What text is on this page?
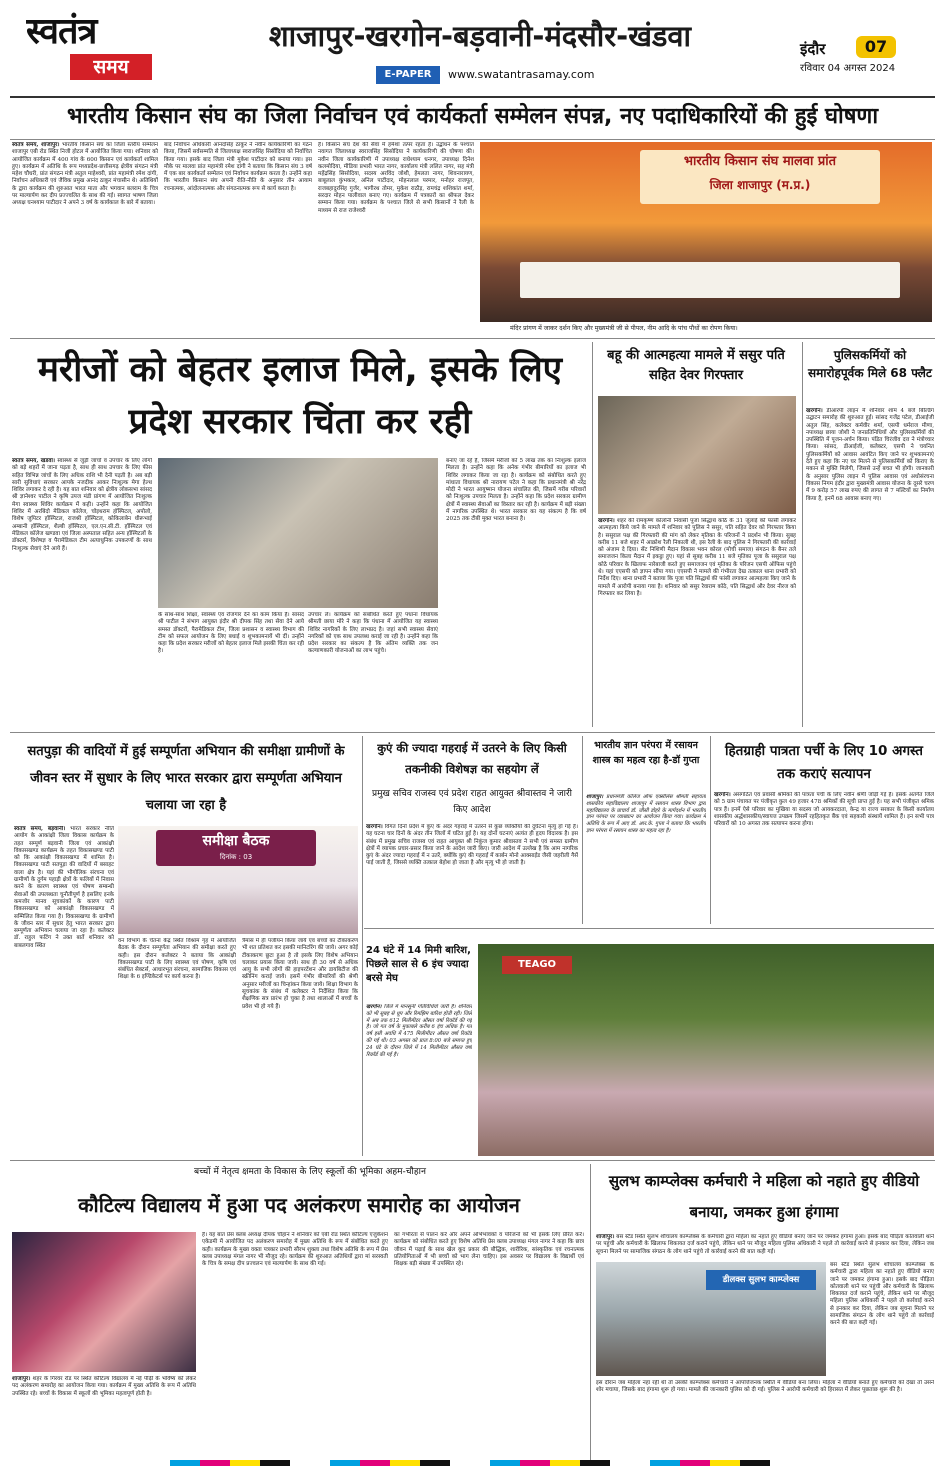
स्वतंत्र
समय
शाजापुर-खरगोन-बड़वानी-मंदसौर-खंडवा
E-PAPER	www.swatantrasamay.com
इंदौर	07
रविवार 04 अगस्त 2024
भारतीय किसान संघ का जिला निर्वाचन एवं कार्यकर्ता सम्मेलन संपन्न, नए पदाधिकारियों की हुई घोषणा
स्वतंत्र समय, शाजापुर। भारतीय किसान संघ का जिला स्तरीय सम्मेलन शाजापुर एबी रोड स्थित निजी होटल में आयोजित किया गया। शनिवार को आयोजित कार्यक्रम में 400 गांव के 600 किसान एवं कार्यकर्ता शामिल हुए। कार्यक्रम में अतिथि के रूप मध्यप्रदेश-छत्तीसगढ़ क्षेत्रीय संगठन मंत्री महेश चौधरी, प्रांत संगठन मंत्री अतुल माहेश्वरी, प्रांत महामंत्री रमेश दांगी, निर्वाचन अधिकारी एवं जैविक प्रमुख आनंद ठाकुर मंचासीन थे। अतिथियों के द्वारा कार्यक्रम की शुरुआत भारत माता और भगवान बलराम के चित्र पर माल्यार्पण कर दीप प्रज्ज्वलित के साथ की गई। स्वागत भाषण जिला अध्यक्ष घनश्याम पाटीदार ने अपने 3 वर्ष के कार्यकाल के बारे में बताया।
बाद निर्वाचन अधिकारी आनंदसिंह ठाकुर ने नवीन कार्यकारिणी का गठन किया, जिसमें सर्वसम्मति से जिलाध्यक्ष स्वराजसिंह सिसोदिया को निर्वाचित किया गया। इसके बाद जिला मंत्री मुकेश पाटीदार को बनाया गया। इस मौके पर मालवा प्रांत महामंत्री रमेश दांगी ने बताया कि किसान संघ 3 वर्ष में एक बार कार्यकर्ता सम्मेलन एवं निर्वाचन कार्यक्रम करता है। उन्होंने कहा कि भारतीय किसान संघ अपनी रीति-नीति के अनुसार तीन आयाम रचनात्मक, आंदोलनात्मक और संगठनात्मक रूप से कार्य करता है।
है। किसान संघ देश की सेवा में हमेशा तत्पर रहता है। उद्बोधन के पश्चात नवागत जिलाध्यक्ष स्वराजसिंह सिसोदिया ने कार्यकारिणी की घोषणा की। नवीन जिला कार्यकारिणी में उपाध्यक्ष राधेश्याम धनगर, उपाध्यक्ष दिनेश कलमोदिया, मीडिया प्रभारी भारत नागर, कार्यालय मंत्री ललित नागर, सह मंत्री महेंद्रसिंह सिसोदिया, सदस्य अरविंद जोशी, हेमलता नागर, शिवनारायण, बाबूलाल कुंभकार, अनिल पाटीदार, मोहनलाल परमार, मनोहर राजपूत, राजबहादुरसिंह गुर्जर, भागीरथ तोमर, मुकेश राठौड़, रामचंद्र शशिकांत शर्मा, सरदार मोहन पालीवाल बनाए गए। कार्यक्रम में पत्रकारों का श्रीफल देकर सम्मान किया गया। कार्यक्रम के पश्चात जिले से सभी किसानों ने रैली के माध्यम से राज राजेश्वरी
भारतीय किसान संघ मालवा प्रांत
जिला शाजापुर (म.प्र.)
मंदिर प्रांगण में जाकर दर्शन किए और मुख्यमंत्री जी से पीपल, नीम आदि के पांच पौधों का रोपण किया।
मरीजों को बेहतर इलाज मिले, इसके लिए प्रदेश सरकार चिंता कर रही
स्वतंत्र समय, खंडवा। स्वास्थ्य से जुड़ी जांचों व उपचार के लिए लोगों को बड़े शहरों में जाना पड़ता है, साथ ही साथ उपचार के लिए फीस सहित विभिन्न जांचों के लिए अधिक राशि भी देनी पड़ती है। अब बड़ी सारी सुविधाएं सरकार आपके नजदीक आकर निःशुल्क मेगा हेल्थ शिविर लगाकर दे रही है। यह बात शनिवार को क्षेत्रीय लोकसभा सांसद श्री ज्ञानेश्वर पाटील ने कृषि उपज मंडी प्रांगण में आयोजित निःशुल्क मेगा स्वास्थ्य शिविर कार्यक्रम में कही। उन्होंने कहा कि आयोजित शिविर में अरबिंदो मेडिकल कॉलेज, चोइथराम हॉस्पिटल, अपोलो, विशेष जुपिटर हॉस्पिटल, राजश्री हॉस्पिटल, कोकिलाबेन धीरूभाई अम्बानी हॉस्पिटल, शैल्बी हॉस्पिटल, एल.एन.सी.टी. हॉस्पिटल एवं मेडिकल कॉलेज खण्डवा एवं जिला अस्पताल सहित अन्य हॉस्पिटलों के डॉक्टर्स, विशेषज्ञ व पैरामेडिकल टीम अत्याधुनिक उपकरणों के साथ निःशुल्क सेवाएं देने आये हैं।
के साथ-साथ शिक्षा, स्वास्थ्य एवं रोजगार देने का काम किया है। सांसद श्री पाटील ने संभाग आयुक्त इंदौर श्री दीपक सिंह तथा सेवा देने आये समस्त डॉक्टरों, पैरामेडिकल टीम, जिला प्रशासन व स्वास्थ्य विभाग की टीम को सफल आयोजन के लिए बधाई व शुभकामनायें भी दीं। उन्होंने कहा कि प्रदेश सरकार मरीजों को बेहतर इलाज मिले इसकी चिंता कर रही है।
उपचार ले। कार्यक्रम को संबोधित करते हुए पंधाना विधायक श्रीमती छाया मोरे ने कहा कि पंधाना में आयोजित यह स्वास्थ्य शिविर नागरिकों के लिए लाभप्रद है। जहां सभी स्वास्थ्य सेवाएं नगरिकों को एक साथ उपलब्ध कराई जा रही है। उन्होंने कहा कि प्रदेश सरकार का संकल्प है कि अंतिम व्यक्ति तक जन कल्याणकारी योजनाओं का लाभ पहुंचे।
बनाए जा रहे हैं, जिसमें मरीजों को 5 लाख तक का निःशुल्क इलाज मिलता है। उन्होंने कहा कि अनेक गंभीर बीमारियों का इलाज भी शिविर लगाकर किया जा रहा है। कार्यक्रम को संबोधित करते हुए मांधाता विधायक श्री नारायण पटेल ने कहा कि प्रधानमंत्री श्री नरेंद्र मोदी ने भारत आयुष्मान योजना संचालित की, जिसमें गरीब परिवारों को निःशुल्क उपचार मिलता है। उन्होंने कहा कि प्रदेश सरकार ग्रामीण क्षेत्रों में स्वास्थ्य सेवाओं का विस्तार कर रही है। कार्यक्रम में बड़ी संख्या में नागरिक उपस्थित थे। भारत सरकार का यह संकल्प है कि वर्ष 2025 तक टीबी मुक्त भारत बनाना है।
बहू की आत्महत्या मामले में ससुर पति सहित देवर गिरफ्तार
खरगोन। शहर की रामकृष्ण कॉलोनी निवासी पूजा सिद्धार्थ कोठे के 31 जुलाई को फांसी लगाकर आत्महत्या किये जाने के मामले में शनिवार को पुलिस ने ससुर, पति सहित देवर को गिरफ्तार किया है। ससुराल पक्ष की गिरफ्तारी की मांग को लेकर मृतिका के परिजनों ने प्रदर्शन भी किया। सुबह करीब 11 बजे शहर में आक्रोश रैली निकाली थी, इस रैली के बाद पुलिस ने गिरफ्तारी की कार्रवाई को अंजाम दे दिया। सेंट निशिणी मैदान विकास भवन कोरल (मोची समाज) संगठन के बैनर तले समाजजन किला मैदान में इकट्ठा हुए। यहां से सुबह करीब 11 बजे मृतिका पूजा के ससुराल पक्ष कोठे परिवार के खिलाफ नारेबाजी करते हुए समाजजन एवं मृतिका के परिजन एसपी ऑफिस पहुंचे थे। यहां एएसपी को ज्ञापन सौंपा गया। एएसपी ने मामले की गंभीरता देख तत्काल थाना प्रभारी को निर्देश दिए। थाना प्रभारी ने बताया कि पूजा पति सिद्धार्थ की फांसी लगाकर आत्महत्या किए जाने के मामले में आरोपी बनाया गया है। शनिवार को ससुर रेवाराम कोठे, पति सिद्धार्थ और देवर नीरज को गिरफ्तार कर लिया है।
पुलिसकर्मियों को समारोहपूर्वक मिले 68 फ्लैट
खरगोन। डीआरपी लाइन में शनिवार शाम 4 बजे बिल्डिंग उद्घाटन समारोह की शुरुआत हुई। सांसद गजेंद्र पटेल, डीआईजी अतुल सिंह, कलेक्टर कर्मवीर शर्मा, एसपी धर्मराज मीणा, नपाध्यक्ष छाया जोशी ने जनप्रतिनिधियों और पुलिसकर्मियों की उपस्थिति में पूजन-अर्चन किया। पंडित चिरंजीव दत्त ने मंत्रोच्चार किया। सांसद, डीआईजी, कलेक्टर, एसपी ने चयनित पुलिसकर्मियों को आवास आवंटित किए जाने पर शुभकामनाएं देते हुए कहा कि नए घर मिलने से पुलिसकर्मियों को किराए के मकान से मुक्ति मिलेगी, जिससे उन्हें बचत भी होगी। जानकारी के अनुसार पुलिस लाइन में पुलिस आवास एवं अधोसंरचना विकास निगम इंदौर द्वारा मुख्यमंत्री आवास योजना के दूसरे चरण में 9 करोड़ 57 लाख रुपए की लागत से 7 मल्टियों का निर्माण किया है, इनमें 68 आवास बनाए गए।
सतपुड़ा की वादियों में हुई सम्पूर्णता अभियान की समीक्षा ग्रामीणों के जीवन स्तर में सुधार के लिए भारत सरकार द्वारा सम्पूर्णता अभियान चलाया जा रहा है
स्वतंत्र समय, बड़वानी। भारत सरकार नीति आयोग के आकांक्षी जिला विकास कार्यक्रम के तहत सम्पूर्ण बड़वानी जिला एवं आकांक्षी विकासखण्ड कार्यक्रम के तहत विकासखण्ड पाटी को कि आकांक्षी विकासखण्ड में शामिल है। विकासखण्ड पाटी सतपुड़ा की वादियों में बसाहट वाला क्षेत्र है। यहां की भौगोलिक संरचना एवं ग्रामीणों के दुर्गम पहाड़ी क्षेत्रों के फलियों में निवास करने के कारण स्वास्थ्य एवं पोषण सम्बन्धी सेवाओं की उपलब्धता चुनौतीपूर्ण है इसलिए इनके कमजोर मानव सूचकांकों के कारण पाटी विकासखण्ड को आकांक्षी विकासखण्ड में सम्मिलित किया गया है। विकासखण्ड के ग्रामीणों के जीवन स्तर में सुधार हेतु भारत सरकार द्वारा सम्पूर्णता अभियान चलाया जा रहा है। कलेक्टर डॉ. राहुल फटिंग ने उक्त बातें शनिवार को बाबलगाव स्थित
समीक्षा बैठक
दिनांक : 03
वन विभाग के चेतना केंद्र स्थित विश्राम गृह में आयोजित बैठक के दौरान सम्पूर्णता अभियान की समीक्षा करते हुए कही। इस दौरान कलेक्टर ने बताया कि आकांक्षी विकासखण्ड पाटी के लिए स्वास्थ्य एवं पोषण, कृषि एवं संबंधित सेक्टर्स, आधारभूत संरचना, सामाजिक विकास एवं शिक्षा के 6 इण्डिकेटर्स पर कार्य करना है।
त्रैमास में ही पंजीयन किया जाये एवं बच्चों का टीकाकरण भी शत प्रतिशत कर इसकी मानिटरिंग की जाये। अगर कोई टीकाकरण छूटा हुआ है तो इसके लिए विशेष अभियान चलाकर प्रयास किया जाये। साथ ही 30 वर्ष से अधिक आयु के सभी लोगों की हाइपरटेंशन और डायबिटीज की स्क्रीनिंग कराई जाये। इसमें गंभीर बीमारियों की श्रेणी अनुसार मरीजों का चिन्हांकन किया जाये। शिक्षा विभाग के सूचकांक के संबंध में कलेक्टर ने निर्देशित किया कि शैक्षणिक सत्र प्रारंभ हो चुका है तथा शालाओं में बच्चों के प्रवेश भी हो गये हैं।
कुएं की ज्यादा गहराई में उतरने के लिए किसी तकनीकी विशेषज्ञ का सहयोग लें
प्रमुख सचिव राजस्व एवं प्रदेश राहत आयुक्त श्रीवास्तव ने जारी किए आदेश
खरगोन। विगत दिनों प्रदेश में कुएं के अंदर गहराई में उतरने से कुछ व्यक्तियों की दुर्घटना मृत्यु हो गई है। यह घटना चार दिनों के अंदर तीन जिलों में घटित हुई है। यह दोनों घटनाएं अत्यंत ही हृदय विदारक है। इस संबंध में प्रमुख सचिव राजस्व एवं राहत आयुक्त श्री निकुंज कुमार श्रीवास्तव ने सभी एवं समस्त ग्रामीण क्षेत्रों में व्यापक प्रचार-प्रसार किया जाने के आदेश जारी किए। जारी आदेश में उल्लेख है कि आम नागरिक कुएं के अंदर ज्यादा गहराई में न उतरें, क्योंकि कुएं की गहराई में कार्बन मोनो आक्साईड जैसी जहरीली गैसें पाई जाती हैं, जिससे व्यक्ति तत्काल बेहोश हो जाता है और मृत्यु भी हो जाती है।
भारतीय ज्ञान परंपरा में रसायन शास्त्र का महत्व रहा है-डॉ गुप्ता
शाजापुर। प्रधानमंत्री कॉलेज ऑफ एक्सीलेंस श्रीमती सहायता शासकीय महाविद्यालय शाजापुर में रसायन शास्त्र विभाग द्वारा महाविद्यालय के प्राचार्य डॉ. जीसी डोहरे के मार्गदर्शन में भारतीय ज्ञान परंपरा पर व्याख्यान का आयोजन किया गया। कार्यक्रम में अतिथि के रूप में आए डॉ. आर.के. गुप्ता ने बताया कि भारतीय ज्ञान परंपरा में रसायन शास्त्र का महत्व रहा है।
हितग्राही पात्रता पर्ची के लिए 10 अगस्त तक कराएं सत्यापन
खरगोन। असंगठित एवं प्रवासी श्रमिकों की पात्रता पर्ची के लिए नवीन श्रेणी जोड़ी गई है। इसके अंतर्गत जिले को 5 ग्राम पंचायत पर पंजीकृत कुल 49 हजार 478 श्रमिकों की सूची प्राप्त हुई है। यह सभी पंजीकृत श्रमिक पात्र हैं। इनमें ऐसे परिवार का मुखिया या सदस्य जो आयकरदाता, केन्द्र या राज्य सरकार के किसी कार्यालय शासकीय अर्द्धशासकीय/स्वायत्त उपक्रम जिसमें रहहितकृत बैंक एवं सहकारी संस्थायें शामिल हैं। इन सभी पात्र परिवारों को 10 अगस्त तक सत्यापन करना होगा।
24 घंटे में 14 मिमी बारिश, पिछले साल से 6 इंच ज्यादा बरसे मेघ
खरगोन। जिले में मानसूनी गतिविधियों जारी हैं। शनिवार को भी सुबह से धूप और रिमझिम बारिश होती रही। जिले में अब तक 612 मिलीमीटर औसत वर्षा रिकॉर्ड की गई है। जो गत वर्ष के मुकाबले करीब 6 इंच अधिक है। गत वर्ष इसी अवधि में 475 मिलीमीटर औसत वर्षा रिकॉर्ड की गई थी। 03 अगस्त को प्रातः 8:00 बजे समाप्त हुए 24 घंटे के दौरान जिले में 14 मिलीमीटर औसत वर्षा रिकॉर्ड की गई है।
TEAGO
बच्चों में नेतृत्व क्षमता के विकास के लिए स्कूलों की भूमिका अहम-चौहान
कौटिल्य विद्यालय में हुआ पद अलंकरण समारोह का आयोजन
शाजापुर। शहर के गिरवर रोड पर स्थित कौटिल्य विद्यालय में नई पीढ़ी के भविष्य को लेकर पद अलंकरण समारोह का आयोजन किया गया। कार्यक्रम में मुख्य अतिथि के रूप में अतिथि उपस्थित रहे। बच्चों के विकास में स्कूलों की भूमिका महत्वपूर्ण होती है।
है। यह बात प्रेस क्लब अध्यक्ष दीपक चौहान ने शनिवार को एबी रोड स्थित कौटिल्य एजुकेशन एकेडमी में आयोजित पद अलंकरण समारोह में मुख्य अतिथि के रूप में संबोधित करते हुए कही। कार्यक्रम के मुख्य वक्ता पत्रकार प्रभारी सौरभ शुक्ला तथा विशेष अतिथि के रूप में प्रेस क्लब उपाध्यक्ष मंगल नागर भी मौजूद रहे। कार्यक्रम की शुरुआत अतिथियों द्वारा मां सरस्वती के चित्र के समक्ष दीप प्रज्वलन एवं माल्यार्पण के साथ की गई।
का गंभीरता से पालन करें और अपने अभिभावकों व परिजनों को भी इसके लिए प्रेरित करें। कार्यक्रम को संबोधित करते हुए विशेष अतिथि प्रेस क्लब उपाध्यक्ष मंगल नागर ने कहा कि छात्र जीवन में पढ़ाई के साथ खेल कूद प्रकार की बौद्धिक, शारीरिक, सांस्कृतिक एवं रचनात्मक प्रतियोगिताओं में भी बच्चों को भाग लेना चाहिए। इस अवसर पर विद्यालय के विद्यार्थी एवं शिक्षक बड़ी संख्या में उपस्थित रहे।
सुलभ काम्प्लेक्स कर्मचारी ने महिला को नहाते हुए वीडियो बनाया, जमकर हुआ हंगामा
शाजापुर। बस स्टैंड स्थित सुलभ शौचालय काम्प्लेक्स के कर्मचारी द्वारा महिला का नहाते हुए वीडियो बनाए जाने पर जमकर हंगामा हुआ। इसके बाद पीड़िता कोतवाली थाने पर पहुंची और कर्मचारी के खिलाफ शिकायत दर्ज कराने पहुंचे, लेकिन थाने पर मौजूद महिला पुलिस अधिकारी ने पहले तो कार्रवाई करने से इनकार कर दिया, लेकिन जब सूचना मिलने पर सामाजिक संगठन के लोग थाने पहुंचे तो कार्रवाई करने की बात कही गई।
डीलक्स सुलभ काम्प्लेक्स
बस स्टैंड स्थित सुलभ शौचालय काम्प्लेक्स के कर्मचारी द्वारा महिला का नहाते हुए वीडियो बनाए जाने पर जमकर हंगामा हुआ। इसके बाद पीड़िता कोतवाली थाने पर पहुंची और कर्मचारी के खिलाफ शिकायत दर्ज कराने पहुंचे, लेकिन थाने पर मौजूद महिला पुलिस अधिकारी ने पहले तो कार्रवाई करने से इनकार कर दिया, लेकिन जब सूचना मिलने पर सामाजिक संगठन के लोग थाने पहुंचे तो कार्रवाई करने की बात कही गई।
इस दौरान जब महिला नहा रही थी तो उसकी काम्प्लेक्स कर्मचारी ने आपत्तिजनक स्थिति में वीडियो बना लिया। महिला ने वीडियो बनाते हुए कर्मचारी को देखा तो उसने शोर मचाया, जिसके बाद हंगामा शुरू हो गया। मामले की जानकारी पुलिस को दी गई। पुलिस ने आरोपी कर्मचारी को हिरासत में लेकर पूछताछ शुरू की है।
